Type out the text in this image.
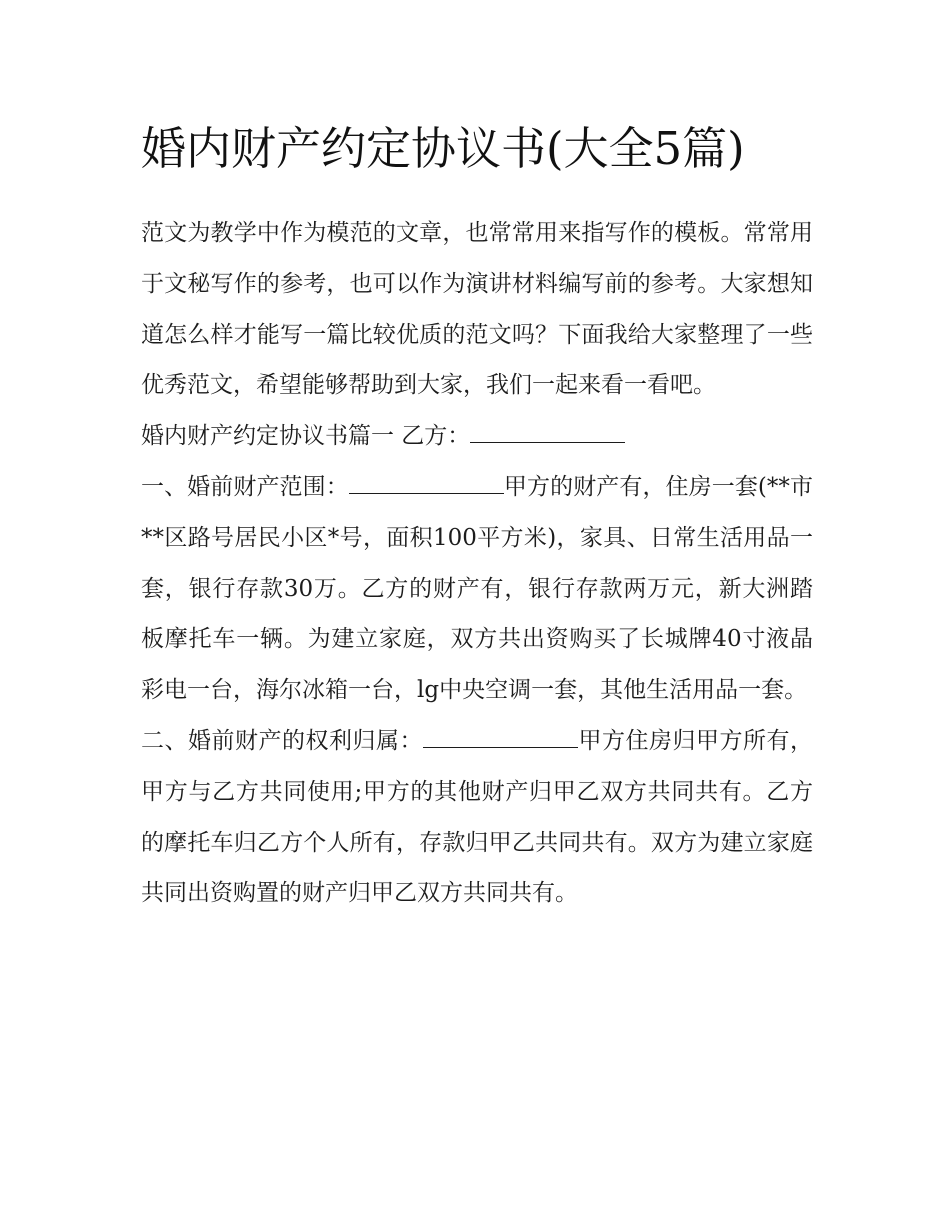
婚内财产约定协议书(大全5篇)

范文为教学中作为模范的文章，也常常用来指写作的模板。常常用于文秘写作的参考，也可以作为演讲材料编写前的参考。大家想知道怎么样才能写一篇比较优质的范文吗？下面我给大家整理了一些优秀范文，希望能够帮助到大家，我们一起来看一看吧。

婚内财产约定协议书篇一 乙方：

一、婚前财产范围：	甲方的财产有，住房一套(**市**区路号居民小区*号，面积100平方米)，家具、日常生活用品一套，银行存款30万。乙方的财产有，银行存款两万元，新大洲踏板摩托车一辆。为建立家庭，双方共出资购买了长城牌40寸液晶彩电一台，海尔冰箱一台，lg中央空调一套，其他生活用品一套。

二、婚前财产的权利归属：	甲方住房归甲方所有，甲方与乙方共同使用;甲方的其他财产归甲乙双方共同共有。乙方的摩托车归乙方个人所有，存款归甲乙共同共有。双方为建立家庭共同出资购置的财产归甲乙双方共同共有。
